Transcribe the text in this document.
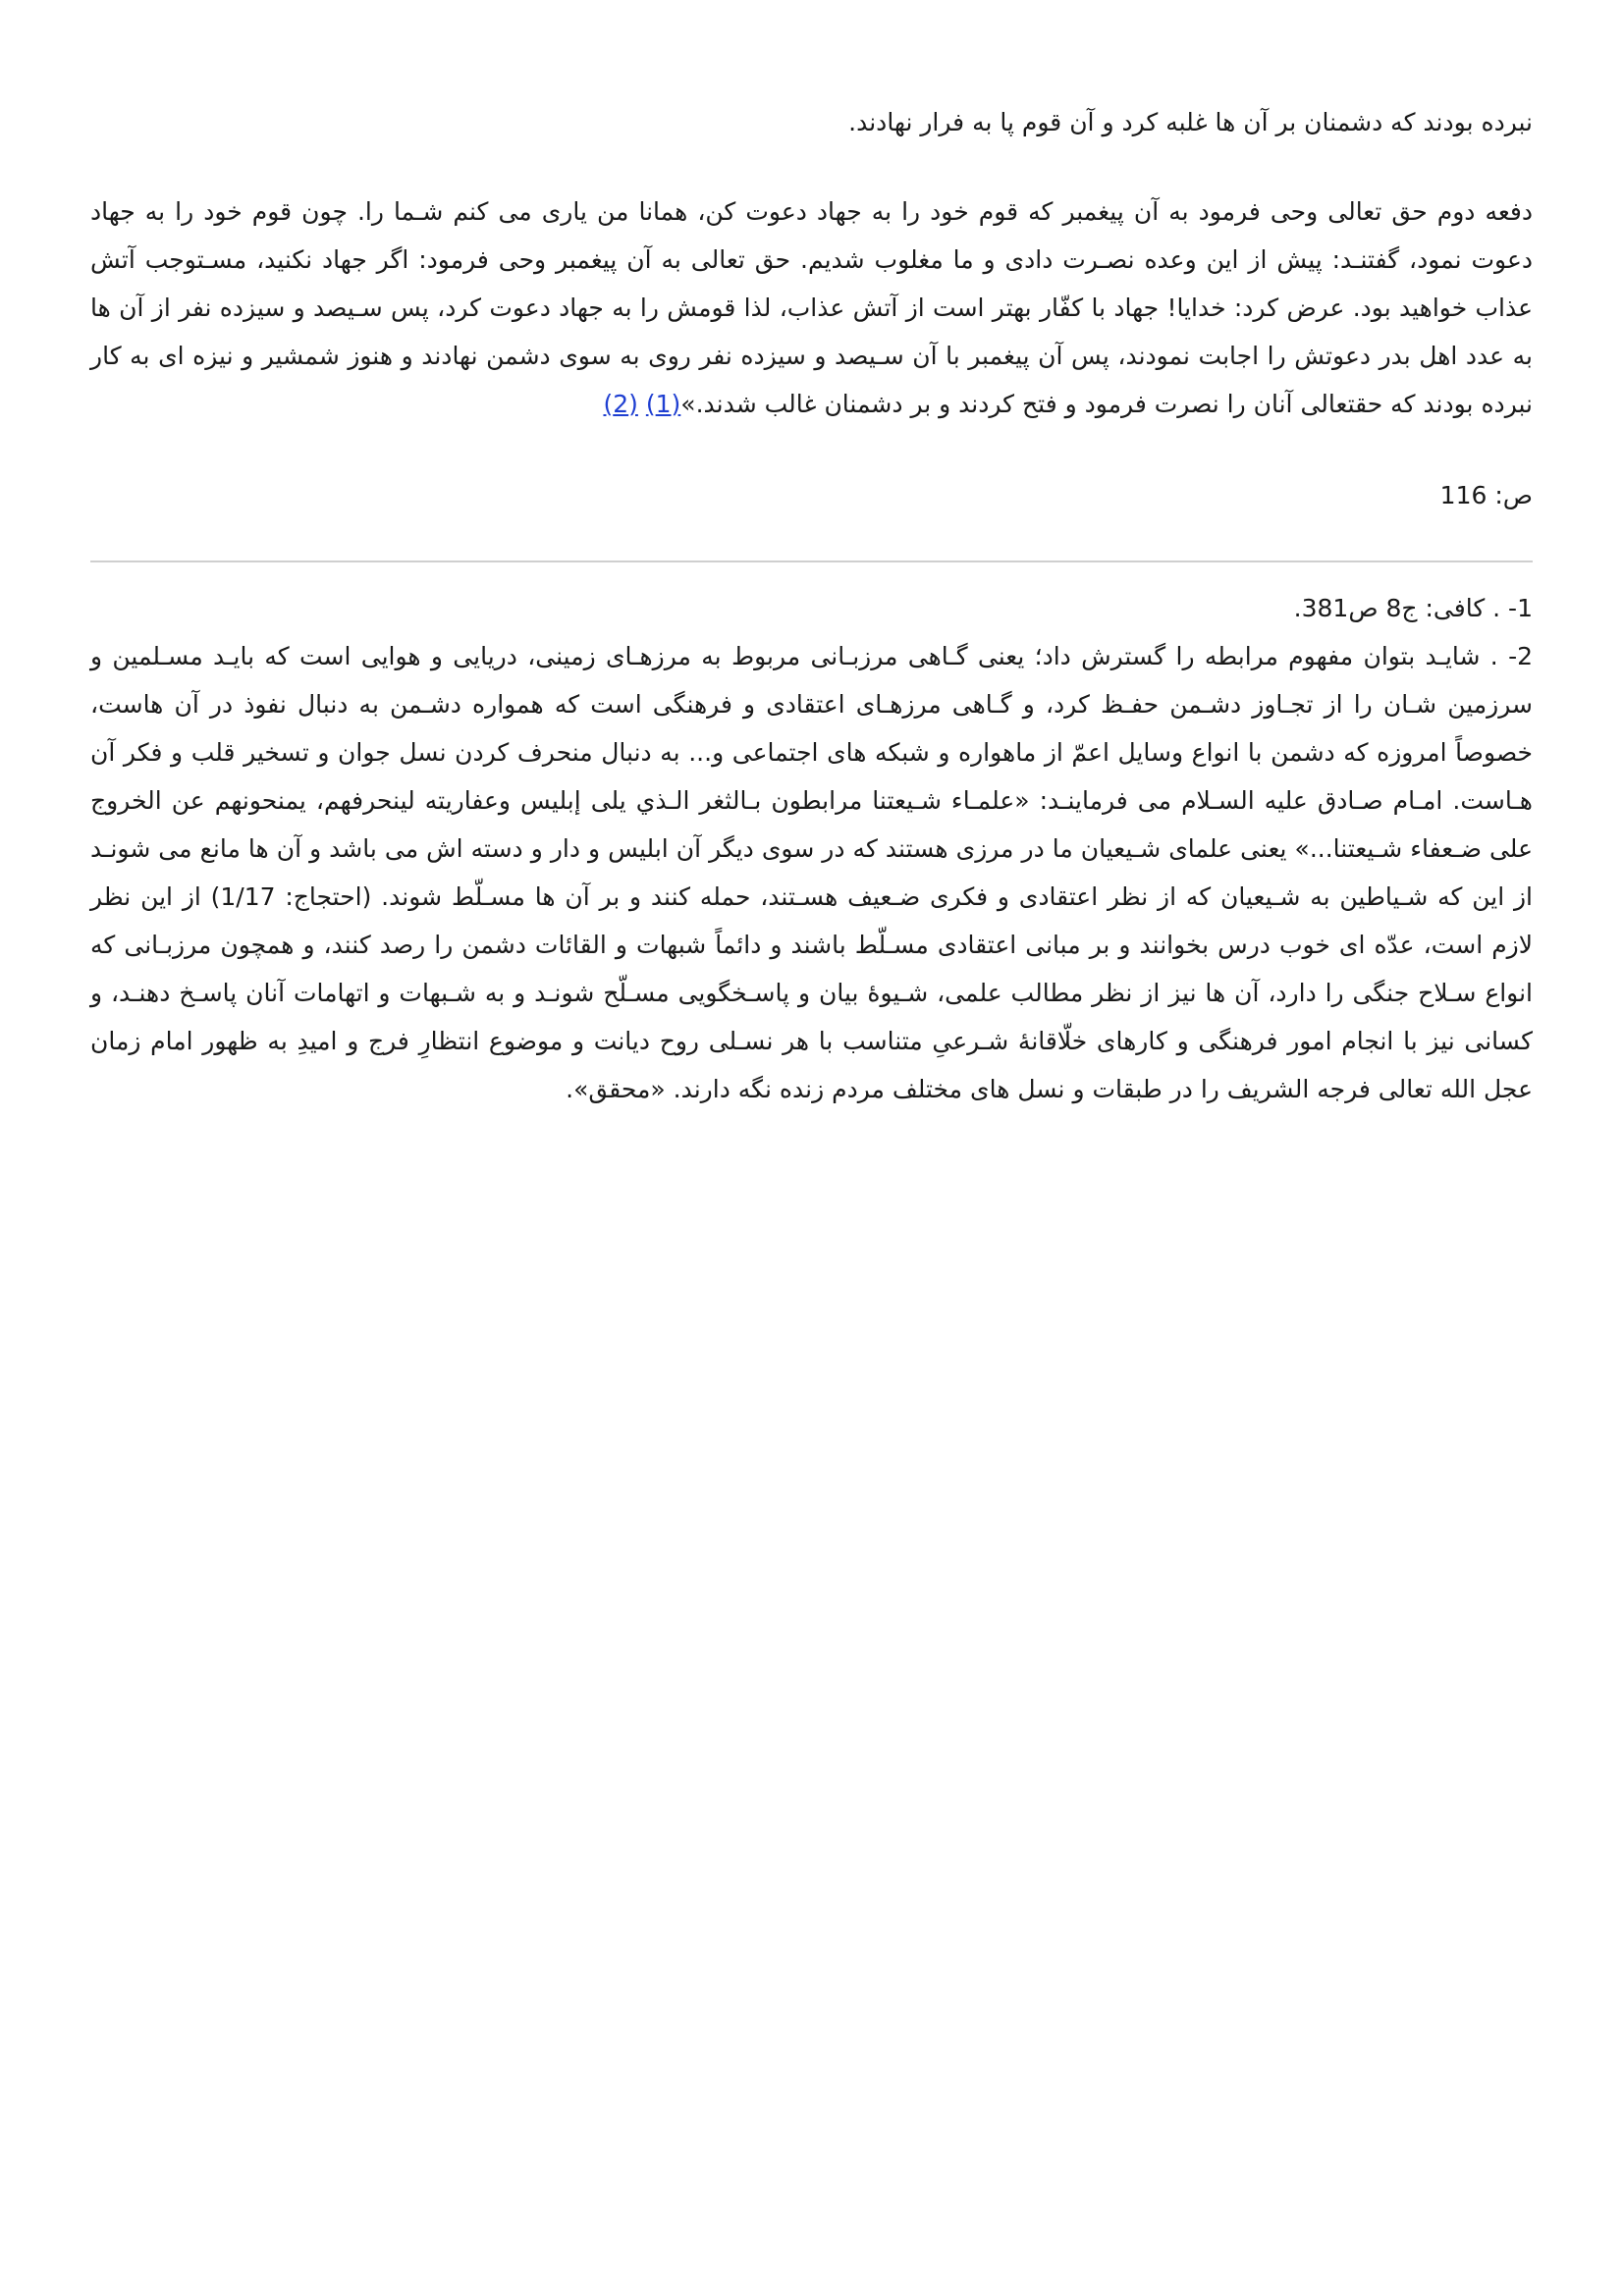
نبرده بودند که دشمنان بر آن ها غلبه کرد و آن قوم پا به فرار نهادند.

دفعه دوم حق تعالی وحی فرمود به آن پیغمبر که قوم خود را به جهاد دعوت کن، همانا من یاری می کنم شـما را. چون قوم خود را به جهاد دعوت نمود، گفتنـد: پیش از این وعده نصـرت دادی و ما مغلوب شدیم. حق تعالی به آن پیغمبر وحی فرمود: اگر جهاد نکنید، مسـتوجب آتش عذاب خواهید بود. عرض کرد: خدایا! جهاد با کفّار بهتر است از آتش عذاب، لذا قومش را به جهاد دعوت کرد، پس سـیصد و سیزده نفر از آن ها به عدد اهل بدر دعوتش را اجابت نمودند، پس آن پیغمبر با آن سـیصد و سیزده نفر روی به سوی دشمن نهادند و هنوز شمشیر و نیزه ای به کار نبرده بودند که حقتعالی آنان را نصرت فرمود و فتح کردند و بر دشمنان غالب شدند.»(1) (2)

ص: 116

1- . کافی: ج8 ص381.

2- . شایـد بتوان مفهوم مرابطه را گسترش داد؛ یعنی گـاهی مرزبـانی مربوط به مرزهـای زمینی، دریایی و هوایی است که بایـد مسـلمین و سرزمین شـان را از تجـاوز دشـمن حفـظ کرد، و گـاهی مرزهـای اعتقادی و فرهنگی است که همواره دشـمن به دنبال نفوذ در آن هاست، خصوصاً امروزه که دشمن با انواع وسایل اعمّ از ماهواره و شبکه های اجتماعی و... به دنبال منحرف کردن نسل جوان و تسخیر قلب و فکر آن هـاست. امـام صـادق علیه السـلام می فرماینـد: «علمـاء شـیعتنا مرابطون بـالثغر الـذي یلی إبلیس وعفاریته لینحرفهم، یمنحونهم عن الخروج علی ضـعفاء شـیعتنا...» یعنی علمای شـیعیان ما در مرزی هستند که در سوی دیگر آن ابلیس و دار و دسته اش می باشد و آن ها مانع می شونـد از این که شـیاطین به شـیعیان که از نظر اعتقادی و فکری ضـعیف هسـتند، حمله کنند و بر آن ها مسـلّط شوند. (احتجاج: 1/17) از این نظر لازم است، عدّه ای خوب درس بخوانند و بر مبانی اعتقادی مسـلّط باشند و دائماً شبهات و القائات دشمن را رصد کنند، و همچون مرزبـانی که انواع سـلاح جنگی را دارد، آن ها نیز از نظر مطالب علمی، شـیوۀ بیان و پاسـخگویی مسـلّح شونـد و به شـبهات و اتهامات آنان پاسـخ دهنـد، و کسانی نیز با انجام امور فرهنگی و کارهای خلّاقانۀ شـرعیِ متناسب با هر نسـلی روح دیانت و موضوع انتظارِ فرج و امیدِ به ظهور امام زمان عجل الله تعالی فرجه الشریف را در طبقات و نسل های مختلف مردم زنده نگه دارند. «محقق».
